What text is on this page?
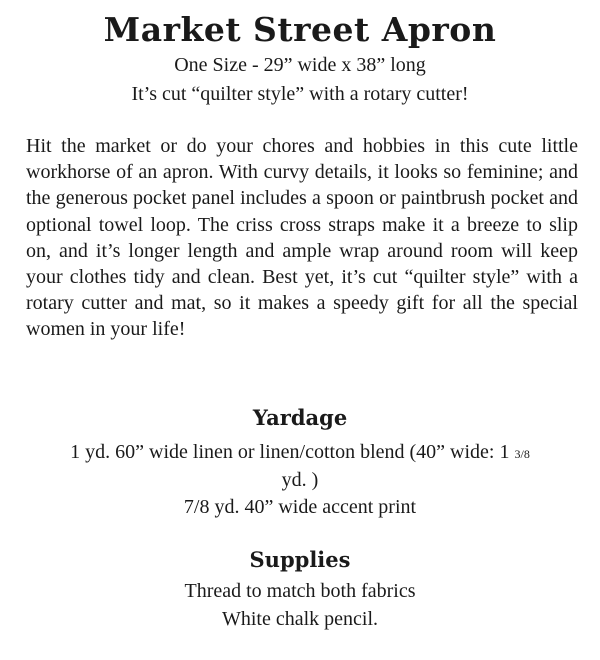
Market Street Apron

One Size - 29” wide x 38” long

It’s cut “quilter style” with a rotary cutter!

Hit the market or do your chores and hobbies in this cute little workhorse of an apron. With curvy details, it looks so feminine; and the generous pocket panel includes a spoon or paintbrush pocket and optional towel loop. The criss cross straps make it a breeze to slip on, and it’s longer length and ample wrap around room will keep your clothes tidy and clean. Best yet, it’s cut “quilter style” with a rotary cutter and mat, so it makes a speedy gift for all the special women in your life!

Yardage

1 yd. 60” wide linen or linen/cotton blend (40” wide: 1 3/8

yd. )

7/8 yd. 40” wide accent print

Supplies

Thread to match both fabrics

White chalk pencil.
